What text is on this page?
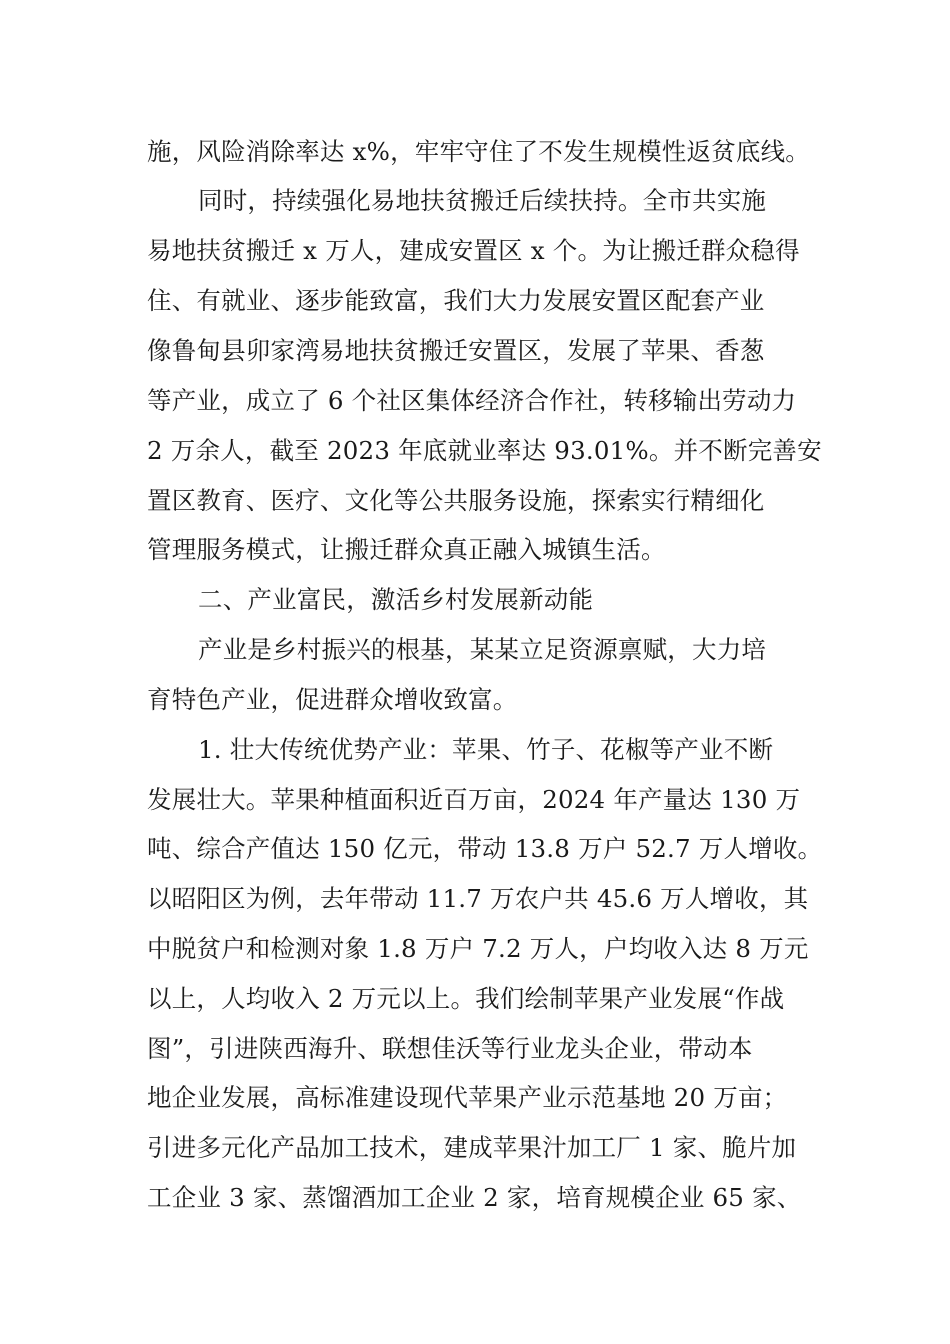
施，风险消除率达 x%，牢牢守住了不发生规模性返贫底线。
同时，持续强化易地扶贫搬迁后续扶持。全市共实施
易地扶贫搬迁 x 万人，建成安置区 x 个。为让搬迁群众稳得
住、有就业、逐步能致富，我们大力发展安置区配套产业
像鲁甸县卯家湾易地扶贫搬迁安置区，发展了苹果、香葱
等产业，成立了 6 个社区集体经济合作社，转移输出劳动力
2 万余人，截至 2023 年底就业率达 93.01%。并不断完善安
置区教育、医疗、文化等公共服务设施，探索实行精细化
管理服务模式，让搬迁群众真正融入城镇生活。
二、产业富民，激活乡村发展新动能
产业是乡村振兴的根基，某某立足资源禀赋，大力培
育特色产业，促进群众增收致富。
1. 壮大传统优势产业：苹果、竹子、花椒等产业不断
发展壮大。苹果种植面积近百万亩，2024 年产量达 130 万
吨、综合产值达 150 亿元，带动 13.8 万户 52.7 万人增收。
以昭阳区为例，去年带动 11.7 万农户共 45.6 万人增收，其
中脱贫户和检测对象 1.8 万户 7.2 万人，户均收入达 8 万元
以上，人均收入 2 万元以上。我们绘制苹果产业发展“作战
图”，引进陕西海升、联想佳沃等行业龙头企业，带动本
地企业发展，高标准建设现代苹果产业示范基地 20 万亩；
引进多元化产品加工技术，建成苹果汁加工厂 1 家、脆片加
工企业 3 家、蒸馏酒加工企业 2 家，培育规模企业 65 家、
